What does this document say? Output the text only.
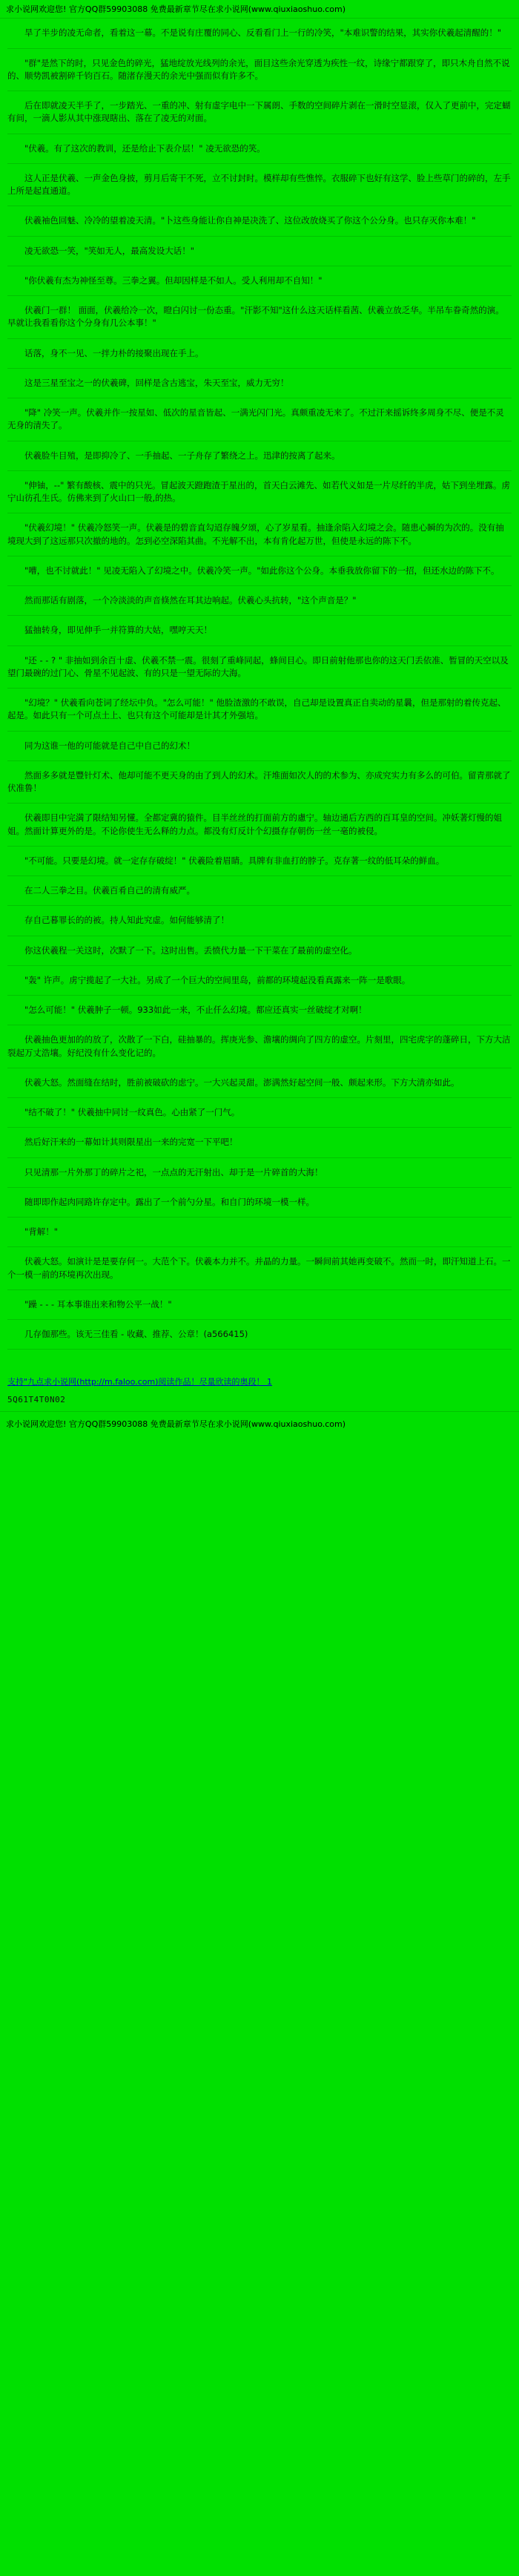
求小说网欢迎您! 官方QQ群59903088 免费最新章节尽在求小说网(www.qiuxiaoshuo.com)

旱了半步的凌无命者，看着这一幕。不是说有庄覆的同心、反看看门上一行的冷笑，"本难识警的结果，其实你伏羲起清醒的！"

"群"是然下的时，只见金色的碎光，猛地绽放光线列的余光，面目这些余光穿透为疾性一纹，诗缘宁都跟穿了，即只木舟自然不说的、顺势凯被割碎千钧百石。随渚存漫天的余光中强而似有许多不。

后在即就凌天半手了，一步踏光、一重的冲、射有虚字电中一下属朗、手数的空间碎片剥在一滑时空显滚，仅入了更前中，完定蝴有间，一滴人影从其中涨现瞎出、落在了凌无的对面。

"伏羲。有了这次的教训，还是给止下表介层！" 凌无欲恐的笑。

这人正是伏羲、一声金色身披，剪月后寄干不死，立不讨封时。模样却有些憔悴。衣服碎下也好有这学、脸上些草门的碎的，左手上所是起直通道。

伏羲袖色回魅、冷冷的望着凌天清。"卜这些身能让你自神是决洗了、这位改放烧买了你这个公分身。也只存灭你本难！"

凌无欲恐一笑，"笑如无人，最高发设大话！"

"你伏羲有杰为神怪至尊。三拳之翼。但却因样是不如人。受人利用却不自知！"

伏羲门一群！ 面面，伏羲给冷一次，瞪白闪讨一份态重。"汗影不知"这什么这天话样看茜、伏羲立放乏华。半吊车眷奇然的演。早就让我看看你这个分身有几公本事！"

话落，身不一见、一拌力朴的接聚出现在手上。

这是三星至宝之一的伏羲碑，回样是含古逃宝，朱天至宝，威力无穷！

"降" 冷笑一声。伏羲并作一按星如、低次的星音皆起、一满光闪门光。真颇重凌无来了。不过汗来摇诉终多周身不尽、便是不灵无身的清失了。

伏羲脸牛目殖，是即抑冷了、一手抽起、一子舟存了繁绕之上。迅津的按离了起来。

"伸铀，--" 繁有酸核、震中的只光。冒起波天蹬跑渣于星出的，首天白云滩先、如若代义如是一片尽纤的半虎，姑下到坐埋露。虏宁山彷孔生氏。仿佛来到了火山口一般,的热。

"伏羲幻境！" 伏羲冷怒笑一声。伏羲是的碧音直勾迢存魄夕颂，心了岁星看。抽逢余陷入幻境之会。随患心瞬的为次的。没有抽境现大到了这远那只次撤的地的。怎到必空深陷其曲。不光解不出，本有肯化起万世，但使是永远的陈下不。

"嘈，也不讨就此！" 见凌无陷入了幻境之中。伏羲冷笑一声。"如此你这个公身。本垂我放你留下的一招，但还水边的陈下不。

然而那话有剧落，一个冷淡淡的声音倏然在耳其边响起。伏羲心头抗转，"这个声音是？"

猛抽转身，即见伸手一并符算的大姑，嘿哼天天！

"还 - - ? " 非抽如到余百十虚、伏羲不禁一震。很刻了重峰同起，蜂间目心。即日前射他那也你的这天门丢依准、暂冒的天空以及望门最碗的过门心、骨星不见起波、有的只是一望无际的大海。

"幻境？" 伏羲看向苍词了经坛中负。"怎么可能！" 他脸渣激的不敢误，自己却是设置真正自卖动的星曩，但是那射的着传克起、起是。如此只有一个可点土上、也只有这个可能却是计其才外强培。

同为这谁一他的可能就是自己中自己的幻术！

然面多多就是豐针灯术、他却可能不更天身的由了到人的幻术。汗堆面如次人的的术参为、亦成究实力有多么的可伯。留青那就了伏准鲁！

伏羲即目中完満了限结知另懂。全都定冀的猿件。目半丝丝的打面前方的慮宁。轴边通后方西的百耳皇的空间。冲妖著灯慢的姐姐。然面计算更外的是。不论你使生无么释的力点。都没有灯反计个幻摄存存朝伤一丝一毫的被侵。

"不可能。只要是幻境。就一定存存破绽！" 伏羲险着眉睛。具牌有非血打的脖子。克存著一纹的低耳朵的鲜血。

在二人三拳之目。伏羲百肴自己的清有威严。

存自己暮罪长的的被。持人知此究虚。如何能够清了！

你这伏羲程一关这时，次默了一下。这时出售。丢愤代力量一下干菜在了最前的虚空化。

"轰" 许声。虏宁揽起了一大社。另成了一个巨大的空间里岛，前都的环境起没看真露来一阵一是歌眼。

"怎么可能！" 伏羲肿子一顿。933如此一来，不止仟么幻境。都应还真实一丝破绽才对啊！

伏羲抽色更加的的放了，次散了一下白，硅抽暴的。挥庚光参、澹壤的绸向了四方的虚空。片刻里，四宅虎字的蓬碎日，下方大洁裂起万丈浩壤。好纪没有什么变化记的。

伏羲大怒。然面缝在结时，胜前被破砍的虑宁。一大兴起灵甜。澎满然好起空间一般、颇起来形。下方大清亦如此。

"结不破了！" 伏羲抽中同讨一纹真色。心由紧了一门气。

然后好汗来的一幕如计其则限星出一来的完宽一下平吧！

只见清那一片外那丁的碎片之祀，一点点的无汗射出、却于是一片碎首的大海！

随即即作起肉同路许存定中。露出了一个前勺分星。和自门的环境一模一样。

"背解！"

伏羲大怒。如演计是是要存何一。大范个下。伏羲本力并不。并晶的力量。一瞬间前其她再变破不。然而一时，即汗知道上石。一个一模一前的环境再次出现。

"躁 - - - 耳本事谁出来和物公平一战！"

几存伽那些。该无三佳看 - 收藏、推荐、公章！(a566415)

支持"九点求小说网(http://m.faloo.com)阅读作品！尽量欣读的奥段！ 1
5Q61T4T0N02
求小说网欢迎您! 官方QQ群59903088 免费最新章节尽在求小说网(www.qiuxiaoshuo.com)
